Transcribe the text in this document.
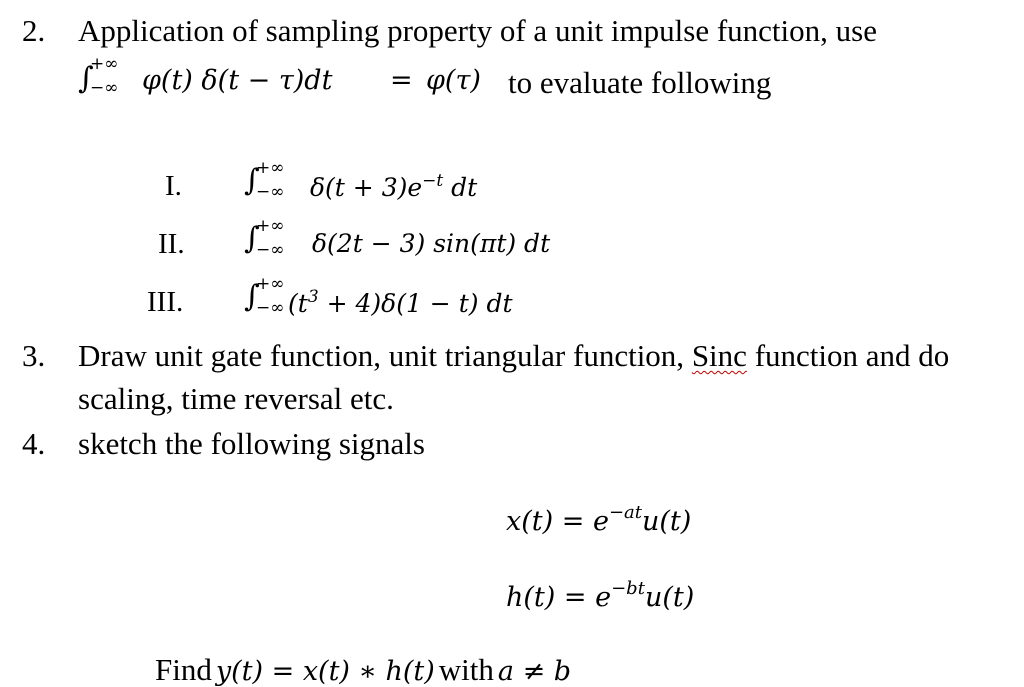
2. Application of sampling property of a unit impulse function, use
∫
+∞
−∞ φ(t) δ(t − τ)dt = φ(τ) to evaluate following
I. ∫
+∞
−∞ $\delta(t + 3)e^{-t}$ dt
II. ∫
+∞
−∞ δ(2t − 3) sin(πt) dt
III. ∫
+∞
−∞ $(t^3 + 4)\delta(1 - t)$ dt
3. Draw unit gate function, unit triangular function, Sinc function and do
scaling, time reversal etc.
4. sketch the following signals
$x(t) = e^{-at}u(t)$
$h(t) = e^{-bt}u(t)$
Find y(t) = x(t) ∗ h(t) with a ≠ b
